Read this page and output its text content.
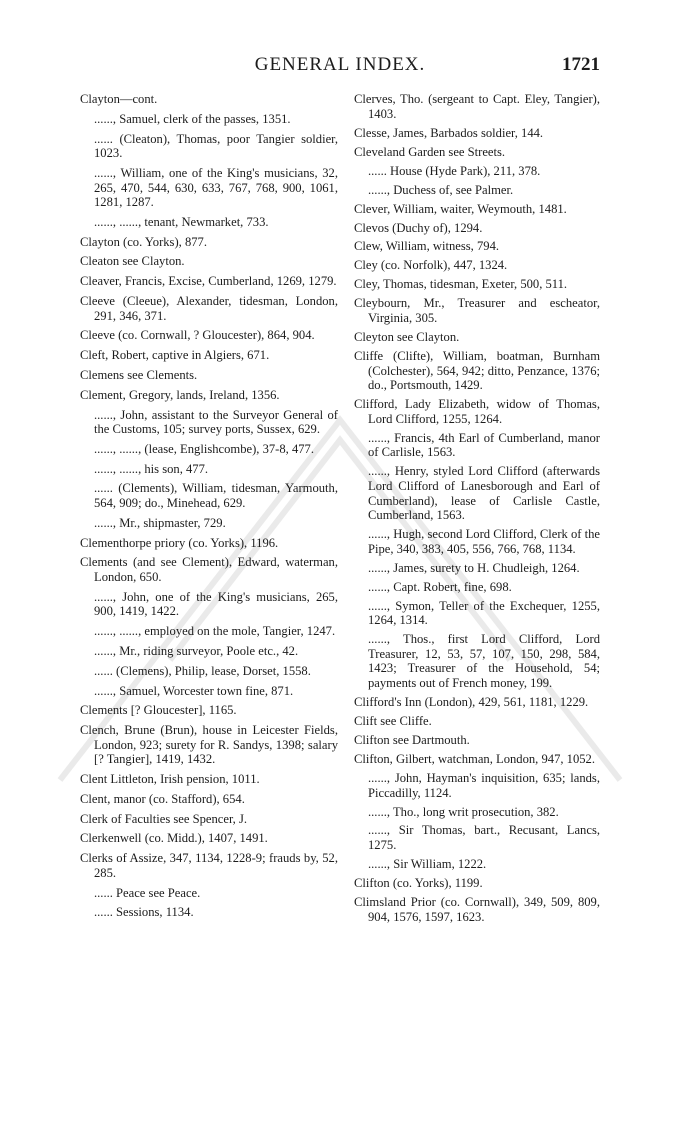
GENERAL INDEX.	1721

Clayton—cont.

......, Samuel, clerk of the passes, 1351.

...... (Cleaton), Thomas, poor Tangier soldier, 1023.

......, William, one of the King's musicians, 32, 265, 470, 544, 630, 633, 767, 768, 900, 1061, 1281, 1287.

......, ......, tenant, Newmarket, 733.

Clayton (co. Yorks), 877.

Cleaton see Clayton.

Cleaver, Francis, Excise, Cumberland, 1269, 1279.

Cleeve (Cleeue), Alexander, tidesman, London, 291, 346, 371.

Cleeve (co. Cornwall, ? Gloucester), 864, 904.

Cleft, Robert, captive in Algiers, 671.

Clemens see Clements.

Clement, Gregory, lands, Ireland, 1356.

......, John, assistant to the Surveyor General of the Customs, 105; survey ports, Sussex, 629.

......, ......, (lease, Englishcombe), 37-8, 477.

......, ......, his son, 477.

...... (Clements), William, tidesman, Yarmouth, 564, 909; do., Minehead, 629.

......, Mr., shipmaster, 729.

Clementhorpe priory (co. Yorks), 1196.

Clements (and see Clement), Edward, waterman, London, 650.

......, John, one of the King's musicians, 265, 900, 1419, 1422.

......, ......, employed on the mole, Tangier, 1247.

......, Mr., riding surveyor, Poole etc., 42.

...... (Clemens), Philip, lease, Dorset, 1558.

......, Samuel, Worcester town fine, 871.

Clements [? Gloucester], 1165.

Clench, Brune (Brun), house in Leicester Fields, London, 923; surety for R. Sandys, 1398; salary [? Tangier], 1419, 1432.

Clent Littleton, Irish pension, 1011.

Clent, manor (co. Stafford), 654.

Clerk of Faculties see Spencer, J.

Clerkenwell (co. Midd.), 1407, 1491.

Clerks of Assize, 347, 1134, 1228-9; frauds by, 52, 285.

...... Peace see Peace.

...... Sessions, 1134.

Clerves, Tho. (sergeant to Capt. Eley, Tangier), 1403.

Clesse, James, Barbados soldier, 144.

Cleveland Garden see Streets.

...... House (Hyde Park), 211, 378.

......, Duchess of, see Palmer.

Clever, William, waiter, Weymouth, 1481.

Clevos (Duchy of), 1294.

Clew, William, witness, 794.

Cley (co. Norfolk), 447, 1324.

Cley, Thomas, tidesman, Exeter, 500, 511.

Cleybourn, Mr., Treasurer and escheator, Virginia, 305.

Cleyton see Clayton.

Cliffe (Clifte), William, boatman, Burnham (Colchester), 564, 942; ditto, Penzance, 1376; do., Portsmouth, 1429.

Clifford, Lady Elizabeth, widow of Thomas, Lord Clifford, 1255, 1264.

......, Francis, 4th Earl of Cumberland, manor of Carlisle, 1563.

......, Henry, styled Lord Clifford (afterwards Lord Clifford of Lanesborough and Earl of Cumberland), lease of Carlisle Castle, Cumberland, 1563.

......, Hugh, second Lord Clifford, Clerk of the Pipe, 340, 383, 405, 556, 766, 768, 1134.

......, James, surety to H. Chudleigh, 1264.

......, Capt. Robert, fine, 698.

......, Symon, Teller of the Exchequer, 1255, 1264, 1314.

......, Thos., first Lord Clifford, Lord Treasurer, 12, 53, 57, 107, 150, 298, 584, 1423; Treasurer of the Household, 54; payments out of French money, 199.

Clifford's Inn (London), 429, 561, 1181, 1229.

Clift see Cliffe.

Clifton see Dartmouth.

Clifton, Gilbert, watchman, London, 947, 1052.

......, John, Hayman's inquisition, 635; lands, Piccadilly, 1124.

......, Tho., long writ prosecution, 382.

......, Sir Thomas, bart., Recusant, Lancs, 1275.

......, Sir William, 1222.

Clifton (co. Yorks), 1199.

Climsland Prior (co. Cornwall), 349, 509, 809, 904, 1576, 1597, 1623.
